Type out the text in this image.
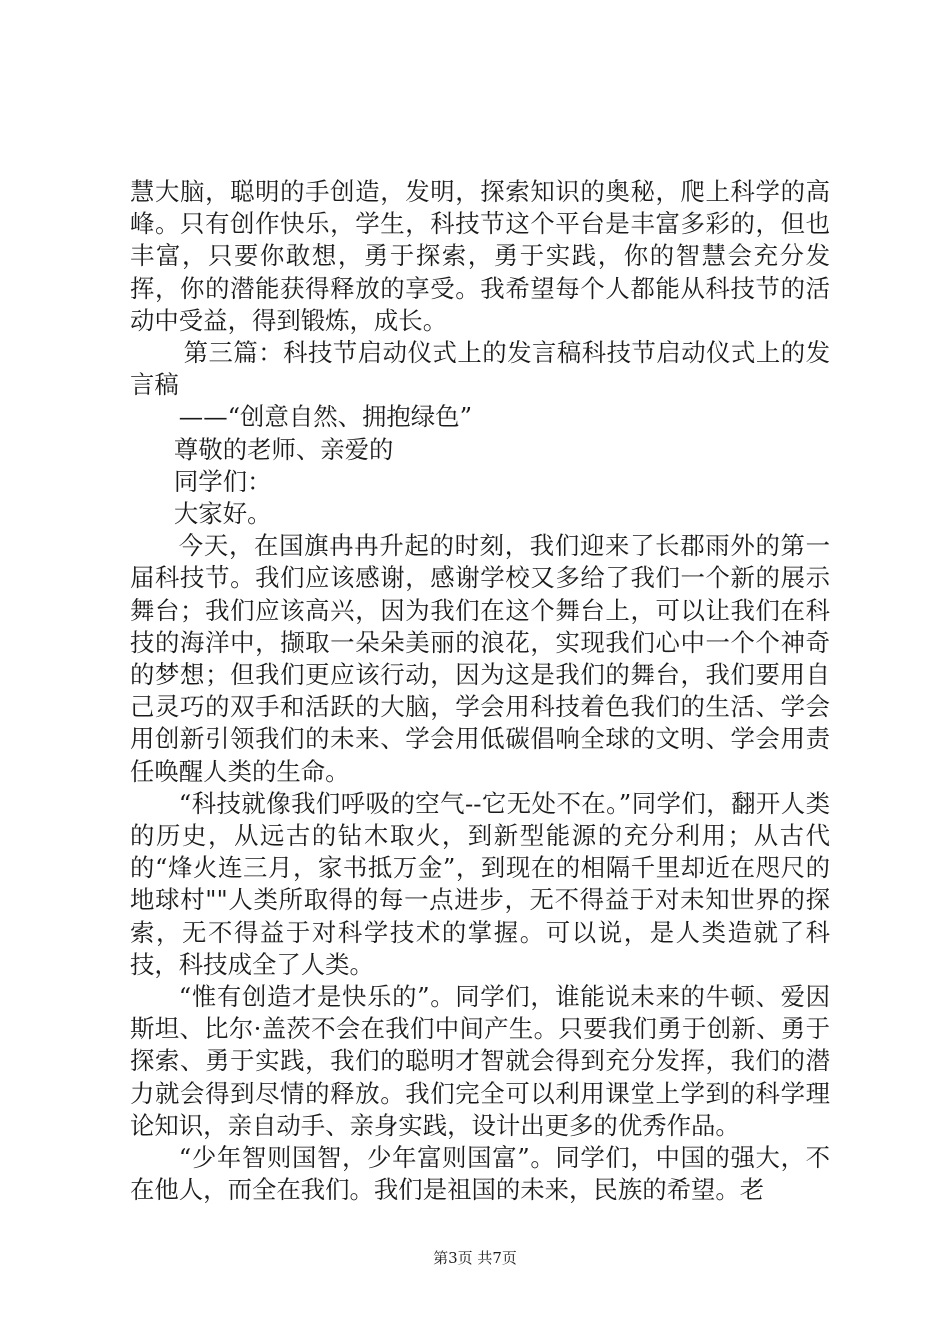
慧大脑，聪明的手创造，发明，探索知识的奥秘，爬上科学的高峰。只有创作快乐，学生，科技节这个平台是丰富多彩的，但也丰富，只要你敢想，勇于探索，勇于实践，你的智慧会充分发挥，你的潜能获得释放的享受。我希望每个人都能从科技节的活动中受益，得到锻炼，成长。

第三篇：科技节启动仪式上的发言稿科技节启动仪式上的发言稿

——“创意自然、拥抱绿色”

尊敬的老师、亲爱的

同学们：

大家好。

今天，在国旗冉冉升起的时刻，我们迎来了长郡雨外的第一届科技节。我们应该感谢，感谢学校又多给了我们一个新的展示舞台；我们应该高兴，因为我们在这个舞台上，可以让我们在科技的海洋中，撷取一朵朵美丽的浪花，实现我们心中一个个神奇的梦想；但我们更应该行动，因为这是我们的舞台，我们要用自己灵巧的双手和活跃的大脑，学会用科技着色我们的生活、学会用创新引领我们的未来、学会用低碳倡响全球的文明、学会用责任唤醒人类的生命。

“科技就像我们呼吸的空气--它无处不在。”同学们，翻开人类的历史，从远古的钻木取火，到新型能源的充分利用；从古代的“烽火连三月，家书抵万金”，到现在的相隔千里却近在咫尺的地球村""人类所取得的每一点进步，无不得益于对未知世界的探索，无不得益于对科学技术的掌握。可以说，是人类造就了科技，科技成全了人类。

“惟有创造才是快乐的”。同学们，谁能说未来的牛顿、爱因斯坦、比尔·盖茨不会在我们中间产生。只要我们勇于创新、勇于探索、勇于实践，我们的聪明才智就会得到充分发挥，我们的潜力就会得到尽情的释放。我们完全可以利用课堂上学到的科学理论知识，亲自动手、亲身实践，设计出更多的优秀作品。

“少年智则国智，少年富则国富”。同学们，中国的强大，不在他人，而全在我们。我们是祖国的未来，民族的希望。老

第3页 共7页
